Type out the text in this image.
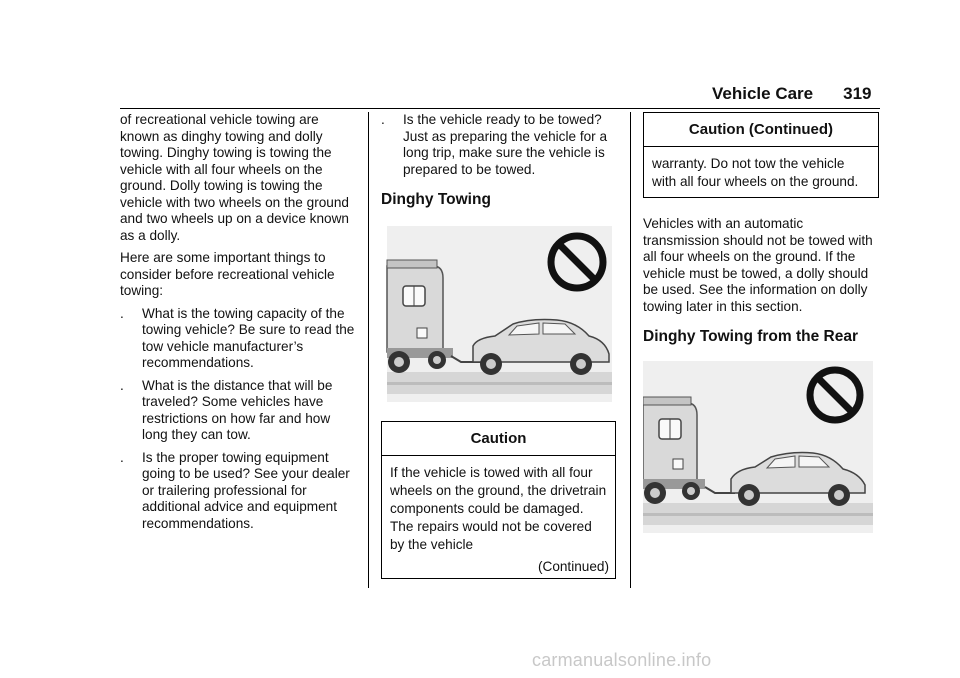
Vehicle Care 319

of recreational vehicle towing are known as dinghy towing and dolly towing. Dinghy towing is towing the vehicle with all four wheels on the ground. Dolly towing is towing the vehicle with two wheels on the ground and two wheels up on a device known as a dolly.

Here are some important things to consider before recreational vehicle towing:

.	What is the towing capacity of the towing vehicle? Be sure to read the tow vehicle manufacturer’s recommendations.
.	What is the distance that will be traveled? Some vehicles have restrictions on how far and how long they can tow.
.	Is the proper towing equipment going to be used? See your dealer or trailering professional for additional advice and equipment recommendations.
.	Is the vehicle ready to be towed? Just as preparing the vehicle for a long trip, make sure the vehicle is prepared to be towed.
Dinghy Towing
Caution
If the vehicle is towed with all four wheels on the ground, the drivetrain components could be damaged. The repairs would not be covered by the vehicle
(Continued)
Caution (Continued)
warranty. Do not tow the vehicle with all four wheels on the ground.

Vehicles with an automatic transmission should not be towed with all four wheels on the ground. If the vehicle must be towed, a dolly should be used. See the information on dolly towing later in this section.

Dinghy Towing from the Rear
carmanualsonline.info
